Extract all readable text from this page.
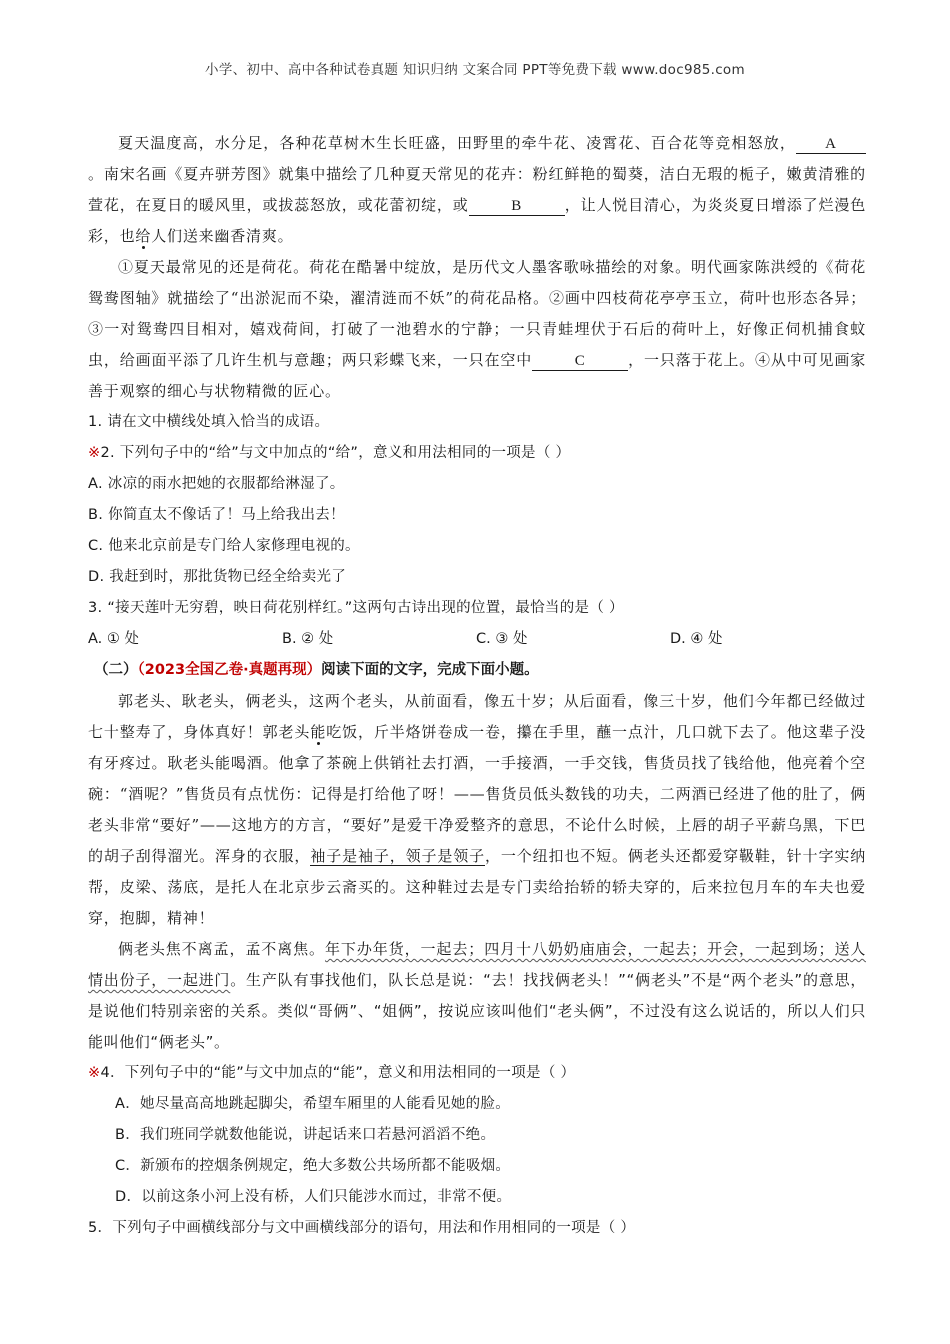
小学、初中、高中各种试卷真题 知识归纳 文案合同 PPT等免费下载 www.doc985.com

夏天温度高，水分足，各种花草树木生长旺盛，田野里的牵牛花、凌霄花、百合花等竞相怒放， A。南宋名画《夏卉骈芳图》就集中描绘了几种夏天常见的花卉：粉红鲜艳的蜀葵，洁白无瑕的栀子，嫩黄清雅的萱花，在夏日的暖风里，或拔蕊怒放，或花蕾初绽，或	B	，让人悦目清心，为炎炎夏日增添了烂漫色彩，也给人们送来幽香清爽。

①夏天最常见的还是荷花。荷花在酷暑中绽放，是历代文人墨客歌咏描绘的对象。明代画家陈洪绶的《荷花鸳鸯图轴》就描绘了“出淤泥而不染，濯清涟而不妖”的荷花品格。②画中四枝荷花亭亭玉立，荷叶也形态各异；③一对鸳鸯四目相对，嬉戏荷间，打破了一池碧水的宁静；一只青蛙埋伏于石后的荷叶上，好像正伺机捕食蚊虫，给画面平添了几许生机与意趣；两只彩蝶飞来，一只在空中	C	，一只落于花上。④从中可见画家善于观察的细心与状物精微的匠心。

1. 请在文中横线处填入恰当的成语。

※2. 下列句子中的“给”与文中加点的“给”，意义和用法相同的一项是（ ）

A. 冰凉的雨水把她的衣服都给淋湿了。

B. 你简直太不像话了！马上给我出去！

C. 他来北京前是专门给人家修理电视的。

D. 我赶到时，那批货物已经全给卖光了

3. “接天莲叶无穷碧，映日荷花别样红。”这两句古诗出现的位置，最恰当的是（ ）

A. ① 处	B. ② 处	C. ③ 处	D. ④ 处

（二）（2023全国乙卷·真题再现）阅读下面的文字，完成下面小题。

郭老头、耿老头，俩老头，这两个老头，从前面看，像五十岁；从后面看，像三十岁，他们今年都已经做过七十整寿了，身体真好！郭老头能吃饭，斤半烙饼卷成一卷，攥在手里，蘸一点汁，几口就下去了。他这辈子没有牙疼过。耿老头能喝酒。他拿了茶碗上供销社去打酒，一手接酒，一手交钱，售货员找了钱给他，他亮着个空碗：“酒呢？”售货员有点忧伤：记得是打给他了呀！——售货员低头数钱的功夫，二两酒已经进了他的肚了，俩老头非常“要好”——这地方的方言，“要好”是爱干净爱整齐的意思，不论什么时候，上唇的胡子平薪乌黑，下巴的胡子刮得溜光。浑身的衣服，袖子是袖子，领子是领子，一个纽扣也不短。俩老头还都爱穿靸鞋，针十字实纳帮，皮梁、荡底，是托人在北京步云斋买的。这种鞋过去是专门卖给抬轿的轿夫穿的，后来拉包月车的车夫也爱穿，抱脚，精神！

俩老头焦不离孟，孟不离焦。年下办年货，一起去；四月十八奶奶庙庙会，一起去；开会，一起到场；送人情出份子，一起进门。生产队有事找他们，队长总是说：“去！找找俩老头！”“俩老头”不是“两个老头”的意思，是说他们特别亲密的关系。类似“哥俩”、“姐俩”，按说应该叫他们“老头俩”，不过没有这么说话的，所以人们只能叫他们“俩老头”。

※4．下列句子中的“能”与文中加点的“能”，意义和用法相同的一项是（ ）

A．她尽量高高地跳起脚尖，希望车厢里的人能看见她的脸。

B．我们班同学就数他能说，讲起话来口若悬河滔滔不绝。

C．新颁布的控烟条例规定，绝大多数公共场所都不能吸烟。

D．以前这条小河上没有桥，人们只能涉水而过，非常不便。

5．下列句子中画横线部分与文中画横线部分的语句，用法和作用相同的一项是（ ）
